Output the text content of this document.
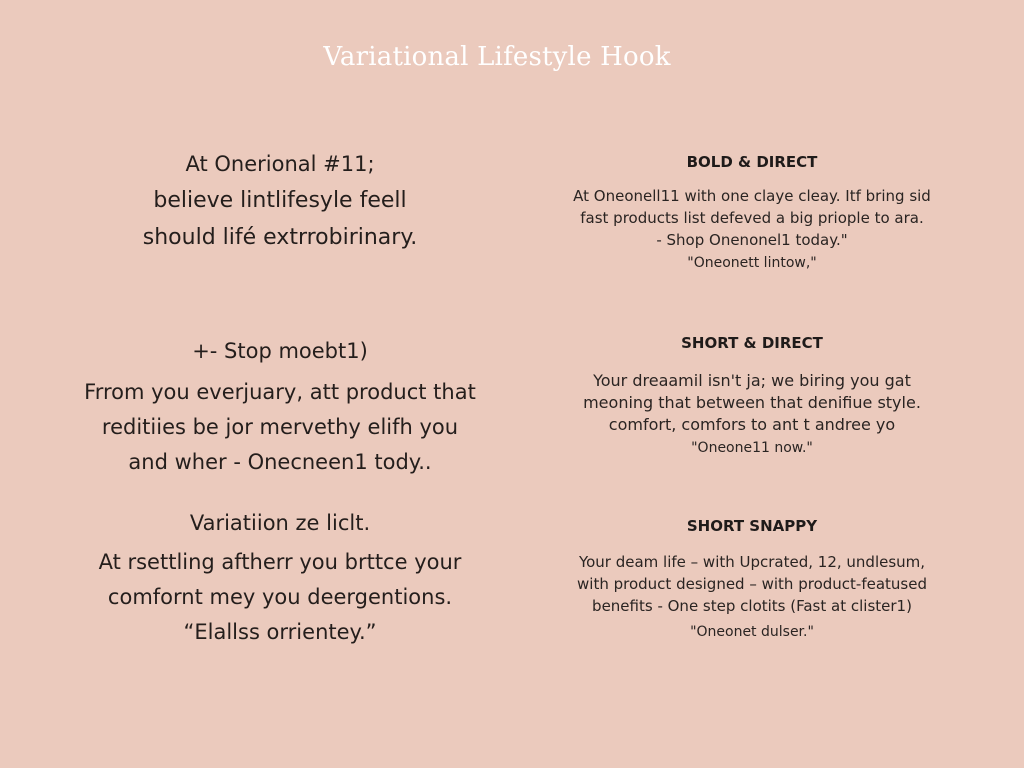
Variational Lifestyle Hook
At Onerional #11;
believe lintlifesyle feell
should lifé extrrobirinary.
+- Stop moebt1)
Frrom you everjuary, att product that
reditiies be jor mervethy elifh you
and wher - Onecneen1 tody..
Variatiion ze liclt.
At rsettling aftherr you brttce your
comfornt mey you deergentions.
“Elallss orrientey.”
BOLD & DIRECT
At Oneonell11 with one claye cleay. Itf bring sid
fast products list defeved a big priople to ara.
- Shop Onenonel1 today."
"Oneonett lintow,"
SHORT & DIRECT
Your dreaamil isn't ja; we biring you gat
meoning that between that denifiue style.
comfort, comfors to ant t andree yo
"Oneone11 now."
SHORT SNAPPY
Your deam life – with Upcrated, 12, undlesum,
with product designed – with product-featused
benefits - One step clotits (Fast at clister1)
"Oneonet dulser."
